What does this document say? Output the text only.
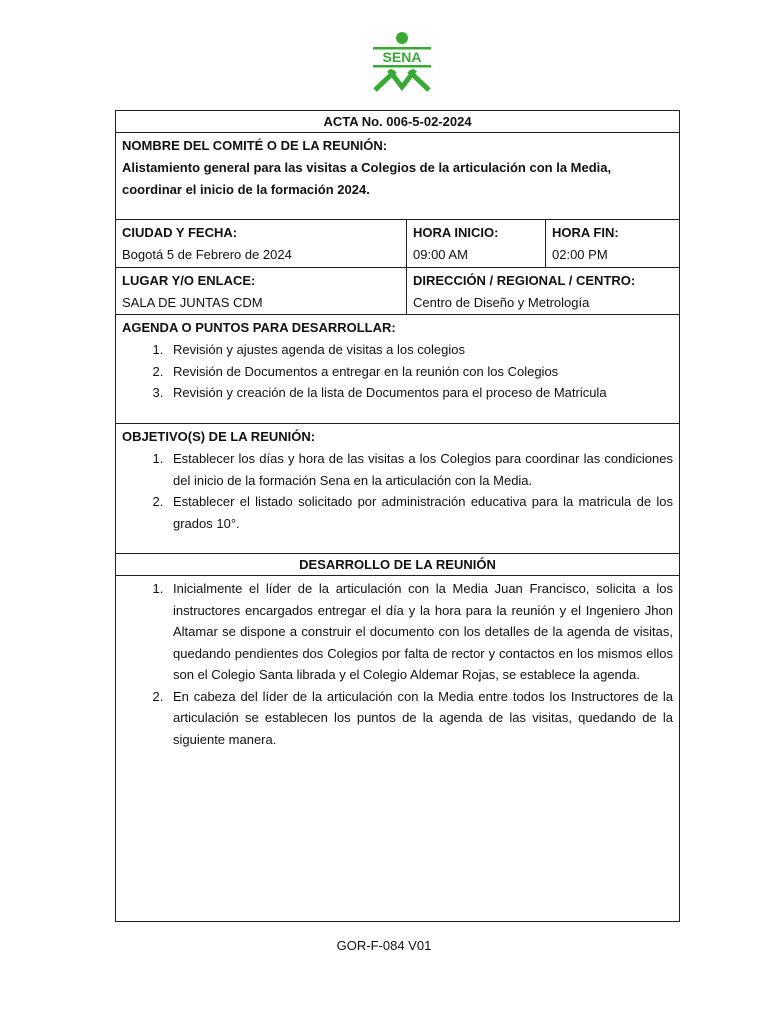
SENA
ACTA No. 006-5-02-2024
NOMBRE DEL COMITÉ O DE LA REUNIÓN:
Alistamiento general para las visitas a Colegios de la articulación con la Media,
coordinar el inicio de la formación 2024.
CIUDAD Y FECHA:
Bogotá 5 de Febrero de 2024
HORA INICIO:
09:00 AM
HORA FIN:
02:00 PM
LUGAR Y/O ENLACE:
SALA DE JUNTAS CDM
DIRECCIÓN / REGIONAL / CENTRO:
Centro de Diseño y Metrología
AGENDA O PUNTOS PARA DESARROLLAR:
1. Revisión y ajustes agenda de visitas a los colegios
2. Revisión de Documentos a entregar en la reunión con los Colegios
3. Revisión y creación de la lista de Documentos para el proceso de Matricula
OBJETIVO(S) DE LA REUNIÓN:
1. Establecer los días y hora de las visitas a los Colegios para coordinar las condiciones del inicio de la formación Sena en la articulación con la Media.
2. Establecer el listado solicitado por administración educativa para la matricula de los grados 10°.
DESARROLLO DE LA REUNIÓN
1. Inicialmente el líder de la articulación con la Media Juan Francisco, solicita a los instructores encargados entregar el día y la hora para la reunión y el Ingeniero Jhon Altamar se dispone a construir el documento con los detalles de la agenda de visitas, quedando pendientes dos Colegios por falta de rector y contactos en los mismos ellos son el Colegio Santa librada y el Colegio Aldemar Rojas, se establece la agenda.
2. En cabeza del líder de la articulación con la Media entre todos los Instructores de la articulación se establecen los puntos de la agenda de las visitas, quedando de la siguiente manera.
GOR-F-084 V01
